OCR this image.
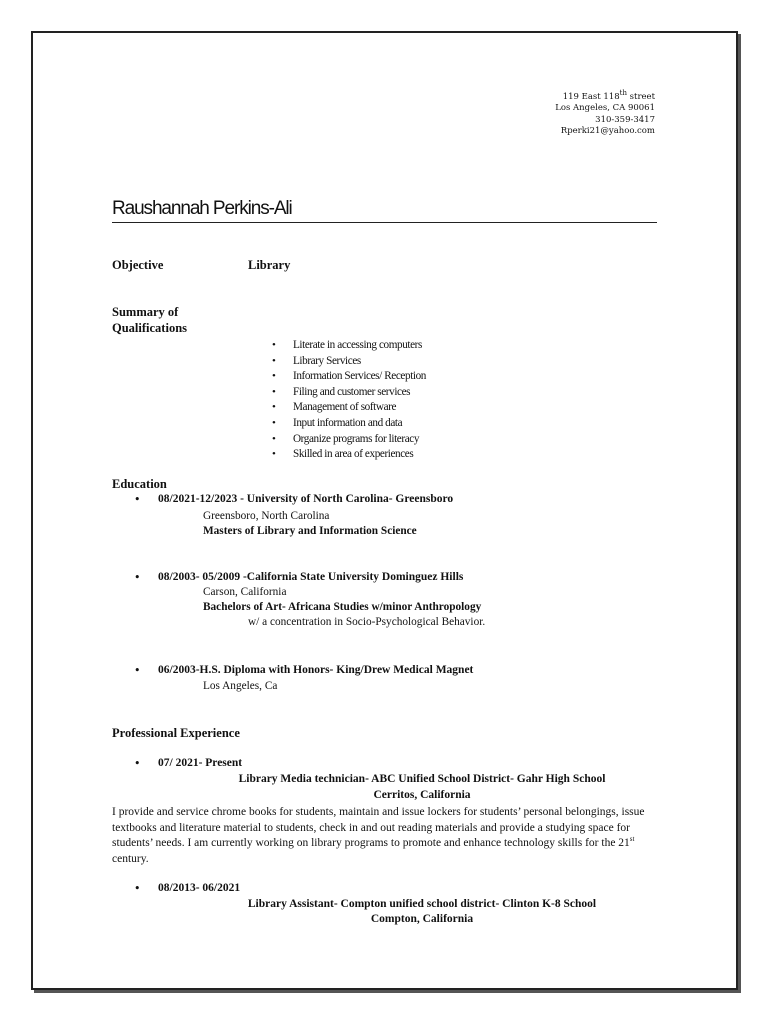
119 East 118th street
Los Angeles, CA 90061
310-359-3417
Rperki21@yahoo.com
Raushannah Perkins-Ali
Objective	Library
Summary of
Qualifications
• Literate in accessing computers
• Library Services
• Information Services/ Reception
• Filing and customer services
• Management of software
• Input information and data
• Organize programs for literacy
• Skilled in area of experiences
Education
• 08/2021-12/2023 - University of North Carolina- Greensboro
Greensboro, North Carolina
Masters of Library and Information Science
• 08/2003- 05/2009 -California State University Dominguez Hills
Carson, California
Bachelors of Art- Africana Studies w/minor Anthropology
w/ a concentration in Socio-Psychological Behavior.
• 06/2003-H.S. Diploma with Honors- King/Drew Medical Magnet
Los Angeles, Ca
Professional Experience
• 07/ 2021- Present
Library Media technician- ABC Unified School District- Gahr High School
Cerritos, California
I provide and service chrome books for students, maintain and issue lockers for students’ personal belongings, issue textbooks and literature material to students, check in and out reading materials and provide a studying space for students’ needs. I am currently working on library programs to promote and enhance technology skills for the 21st century.
• 08/2013- 06/2021
Library Assistant- Compton unified school district- Clinton K-8 School
Compton, California
